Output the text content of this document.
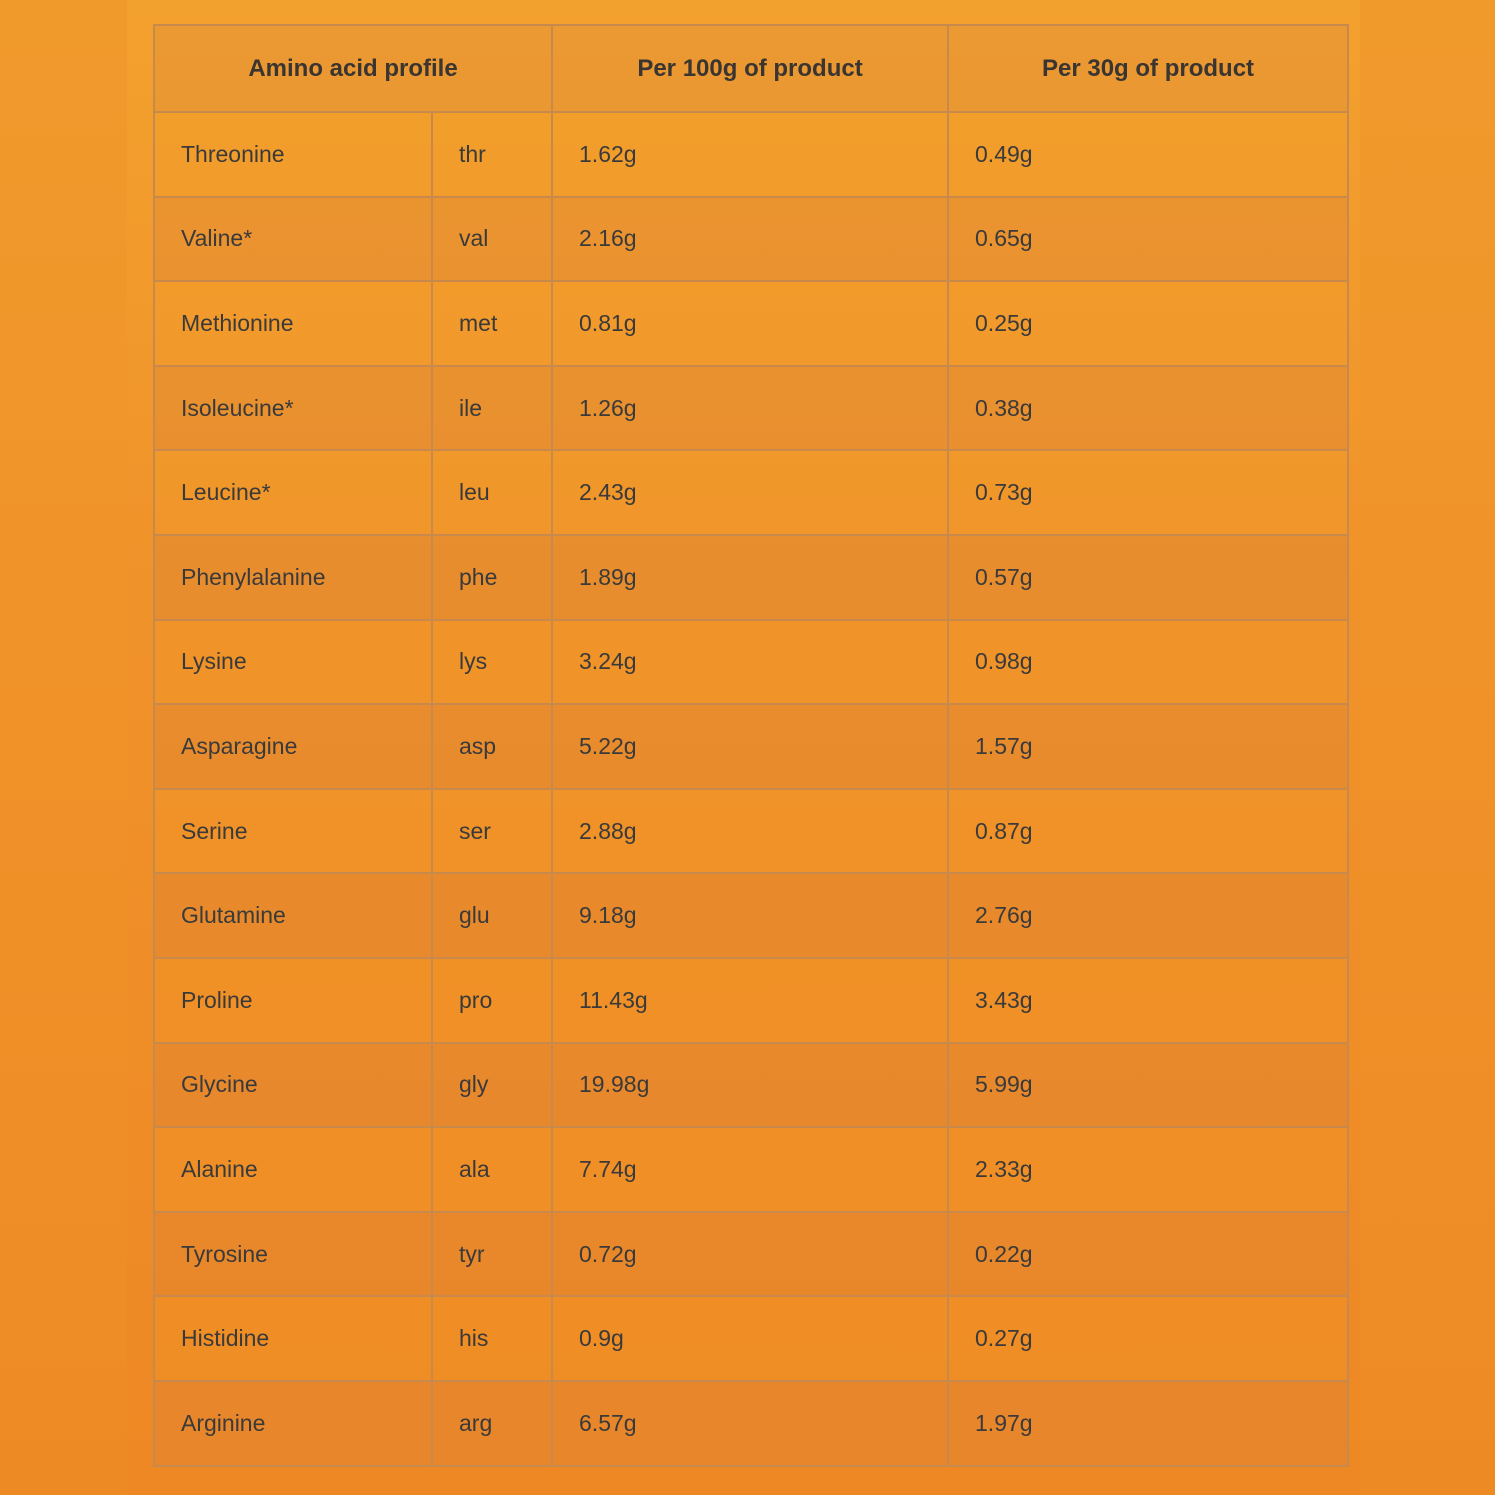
Amino acid profile		Per 100g of product	Per 30g of product
Threonine	thr	1.62g	0.49g
Valine*	val	2.16g	0.65g
Methionine	met	0.81g	0.25g
Isoleucine*	ile	1.26g	0.38g
Leucine*	leu	2.43g	0.73g
Phenylalanine	phe	1.89g	0.57g
Lysine	lys	3.24g	0.98g
Asparagine	asp	5.22g	1.57g
Serine	ser	2.88g	0.87g
Glutamine	glu	9.18g	2.76g
Proline	pro	11.43g	3.43g
Glycine	gly	19.98g	5.99g
Alanine	ala	7.74g	2.33g
Tyrosine	tyr	0.72g	0.22g
Histidine	his	0.9g	0.27g
Arginine	arg	6.57g	1.97g
